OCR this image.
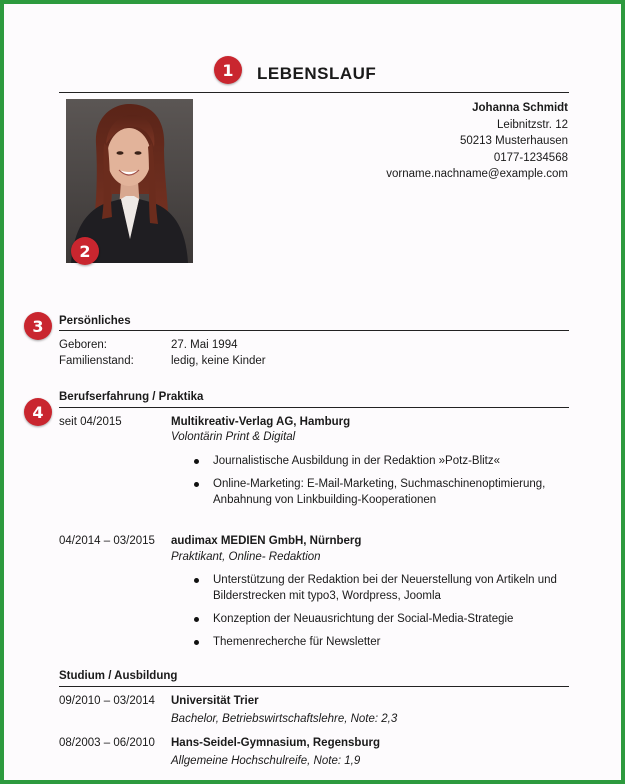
1	LEBENSLAUF
2
Johanna Schmidt
Leibnitzstr. 12
50213 Musterhausen
0177-1234568
vorname.nachname@example.com
3	Persönliches
Geboren:	27. Mai 1994
Familienstand:	ledig, keine Kinder
4
Berufserfahrung / Praktika
seit 04/2015	Multikreativ-Verlag AG, Hamburg
Volontärin Print & Digital
Journalistische Ausbildung in der Redaktion »Potz-Blitz«
Online-Marketing: E-Mail-Marketing, Suchmaschinenoptimierung, Anbahnung von Linkbuilding-Kooperationen
04/2014 – 03/2015 audimax MEDIEN GmbH, Nürnberg
Praktikant, Online- Redaktion
Unterstützung der Redaktion bei der Neuerstellung von Artikeln und Bilderstrecken mit typo3, Wordpress, Joomla
Konzeption der Neuausrichtung der Social-Media-Strategie
Themenrecherche für Newsletter
Studium / Ausbildung
09/2010 – 03/2014 Universität Trier
Bachelor, Betriebswirtschaftslehre, Note: 2,3
08/2003 – 06/2010 Hans-Seidel-Gymnasium, Regensburg
Allgemeine Hochschulreife, Note: 1,9
